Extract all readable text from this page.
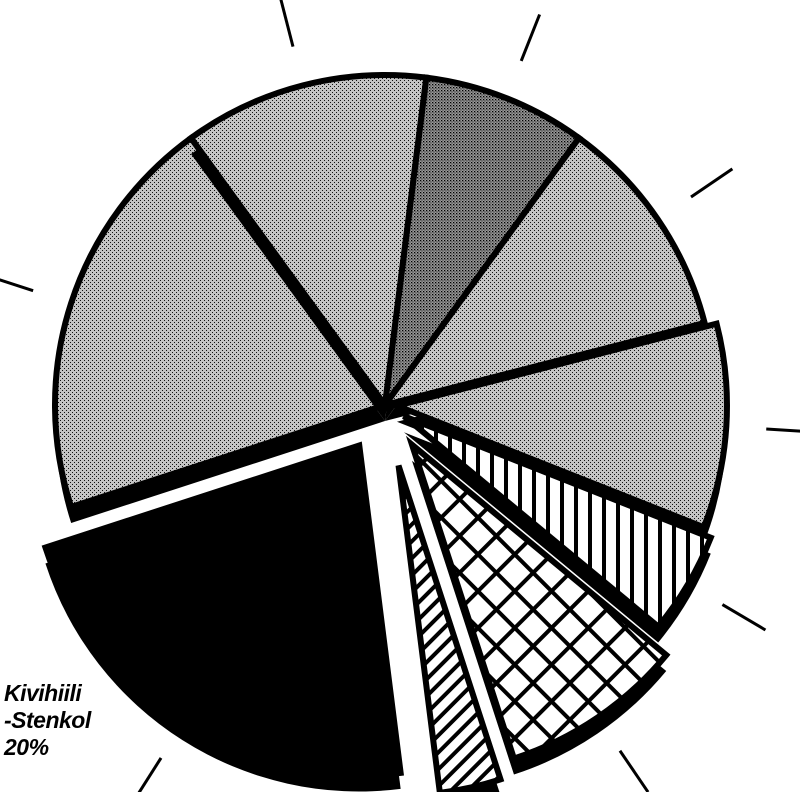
Kivihiili
-Stenkol
20%
